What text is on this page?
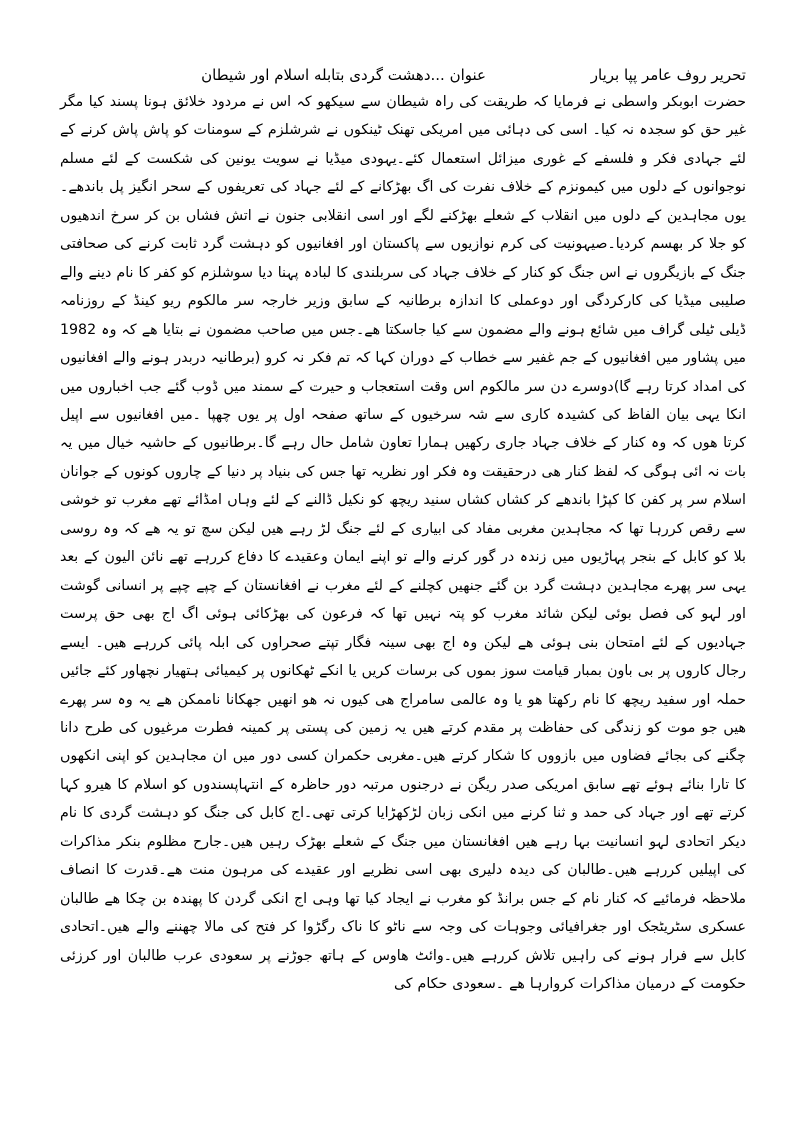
تحریر روف عامر پپا بریار
عنوان ...دهشت گردی بتابله اسلام اور شیطان

حضرت ابوبکر واسطی نے فرمایا کہ طریقت کی راہ شیطان سے سیکھو کہ اس نے مردود خلائق ہونا پسند کیا مگر غیر حق کو سجدہ نہ کیا۔ اسی کی دہائی میں امریکی تھنک ٹینکوں نے شرشلزم کے سومنات کو پاش پاش کرنے کے لئے جہادی فکر و فلسفے کے غوری میزائل استعمال کئے۔یہودی میڈیا نے سویت یونین کی شکست کے لئے مسلم نوجوانوں کے دلوں میں کیمونزم کے خلاف نفرت کی اگ بھڑکانے کے لئے جہاد کی تعریفوں کے سحر انگیز پل باندھے۔یوں مجاہدین کے دلوں میں انقلاب کے شعلے بھڑکنے لگے اور اسی انقلابی جنون نے اتش فشاں بن کر سرخ اندھیوں کو جلا کر بھسم کردیا۔صیہونیت کی کرم نوازیوں سے پاکستان اور افغانیوں کو دہشت گرد ثابت کرنے کی صحافتی جنگ کے بازیگروں نے اس جنگ کو کنار کے خلاف جہاد کی سربلندی کا لبادہ پہنا دیا سوشلزم کو کفر کا نام دینے والے صلیبی میڈیا کی کارکردگی اور دوعملی کا اندازہ برطانیہ کے سابق وزیر خارجہ سر مالکوم ریو کینڈ کے روزنامہ ڈیلی ٹیلی گراف میں شائع ہونے والے مضمون سے کیا جاسکتا ھے۔جس میں صاحب مضمون نے بتایا ھے کہ وہ 1982 میں پشاور میں افغانیوں کے جم غفیر سے خطاب کے دوران کہا کہ تم فکر نہ کرو (برطانیہ دربدر ہونے والے افغانیوں کی امداد کرتا رہے گا)دوسرے دن سر مالکوم اس وقت استعجاب و حیرت کے سمند میں ڈوب گئے جب اخباروں میں انکا یہی بیان الفاظ کی کشیدہ کاری سے شہ سرخیوں کے ساتھ صفحہ اول پر یوں چھپا ۔میں افغانیوں سے اپیل کرتا ھوں کہ وہ کنار کے خلاف جہاد جاری رکھیں ہمارا تعاون شامل حال رہے گا۔برطانیوں کے حاشیہ خیال میں یہ بات نہ ائی ہوگی کہ لفظ کنار ھی درحقیقت وہ فکر اور نظریہ تھا جس کی بنیاد پر دنیا کے چاروں کونوں کے جوانان اسلام سر پر کفن کا کپڑا باندھے کر کشاں کشاں سنید ریچھ کو نکیل ڈالنے کے لئے وہاں امڈائے تھے مغرب تو خوشی سے رقص کررہا تھا کہ مجاہدین مغربی مفاد کی ابیاری کے لئے جنگ لڑ رہے ھیں لیکن سچ تو یہ ھے کہ وہ روسی بلا کو کابل کے بنجر پہاڑیوں میں زندہ در گور کرنے والے تو اپنے ایمان وعقیدے کا دفاع کررہے تھے نائن الیون کے بعد یہی سر پھرے مجاہدین دہشت گرد بن گئے جنھیں کچلنے کے لئے مغرب نے افغانستان کے چپے چپے پر انسانی گوشت اور لہو کی فصل بوئی لیکن شائد مغرب کو پتہ نہیں تھا کہ فرعون کی بھڑکائی ہوئی اگ اج بھی حق پرست جہادیوں کے لئے امتحان بنی ہوئی ھے لیکن وہ اج بھی سینہ فگار تپتے صحراوں کی ابلہ پائی کررہے ھیں۔ ایسے رجال کاروں پر بی باون بمبار قیامت سوز بموں کی برسات کریں یا انکے ٹھکانوں پر کیمیائی ہتھیار نچھاور کئے جائیں حملہ اور سفید ریچھ کا نام رکھتا ھو یا وہ عالمی سامراج ھی کیوں نہ ھو انھیں جھکانا ناممکن ھے یہ وہ سر پھرے ھیں جو موت کو زندگی کی حفاظت پر مقدم کرتے ھیں یہ زمین کی پستی پر کمینہ فطرت مرغیوں کی طرح دانا چگنے کی بجائے فضاوں میں بازووں کا شکار کرتے ھیں۔مغربی حکمران کسی دور میں ان مجاہدین کو اپنی انکھوں کا تارا بنائے ہوئے تھے سابق امریکی صدر ریگن نے درجنوں مرتبہ دور حاظرہ کے انتہاپسندوں کو اسلام کا ھیرو کہا کرتے تھے اور جہاد کی حمد و ثنا کرنے میں انکی زبان لڑکھڑایا کرتی تھی۔اج کابل کی جنگ کو دہشت گردی کا نام دیکر اتحادی لہو انسانیت بہا رہے ھیں افغانستان میں جنگ کے شعلے بھڑک رہیں ھیں۔جارح مظلوم بنکر مذاکرات کی اپیلیں کررہے ھیں۔طالبان کی دیدہ دلیری بھی اسی نظریے اور عقیدے کی مرہون منت ھے۔قدرت کا انصاف ملاحظہ فرمائیے کہ کنار نام کے جس برانڈ کو مغرب نے ایجاد کیا تھا وہی اج انکی گردن کا پھندہ بن چکا ھے طالبان عسکری سٹریٹجک اور جغرافیائی وجوہات کی وجہ سے ناٹو کا ناک رگڑوا کر فتح کی مالا چھننے والے ھیں۔اتحادی کابل سے فرار ہونے کی راہیں تلاش کررہے ھیں۔وائٹ ھاوس کے ہاتھ جوڑنے پر سعودی عرب طالبان اور کرزئی حکومت کے درمیان مذاکرات کروارہا ھے ۔سعودی حکام کی
